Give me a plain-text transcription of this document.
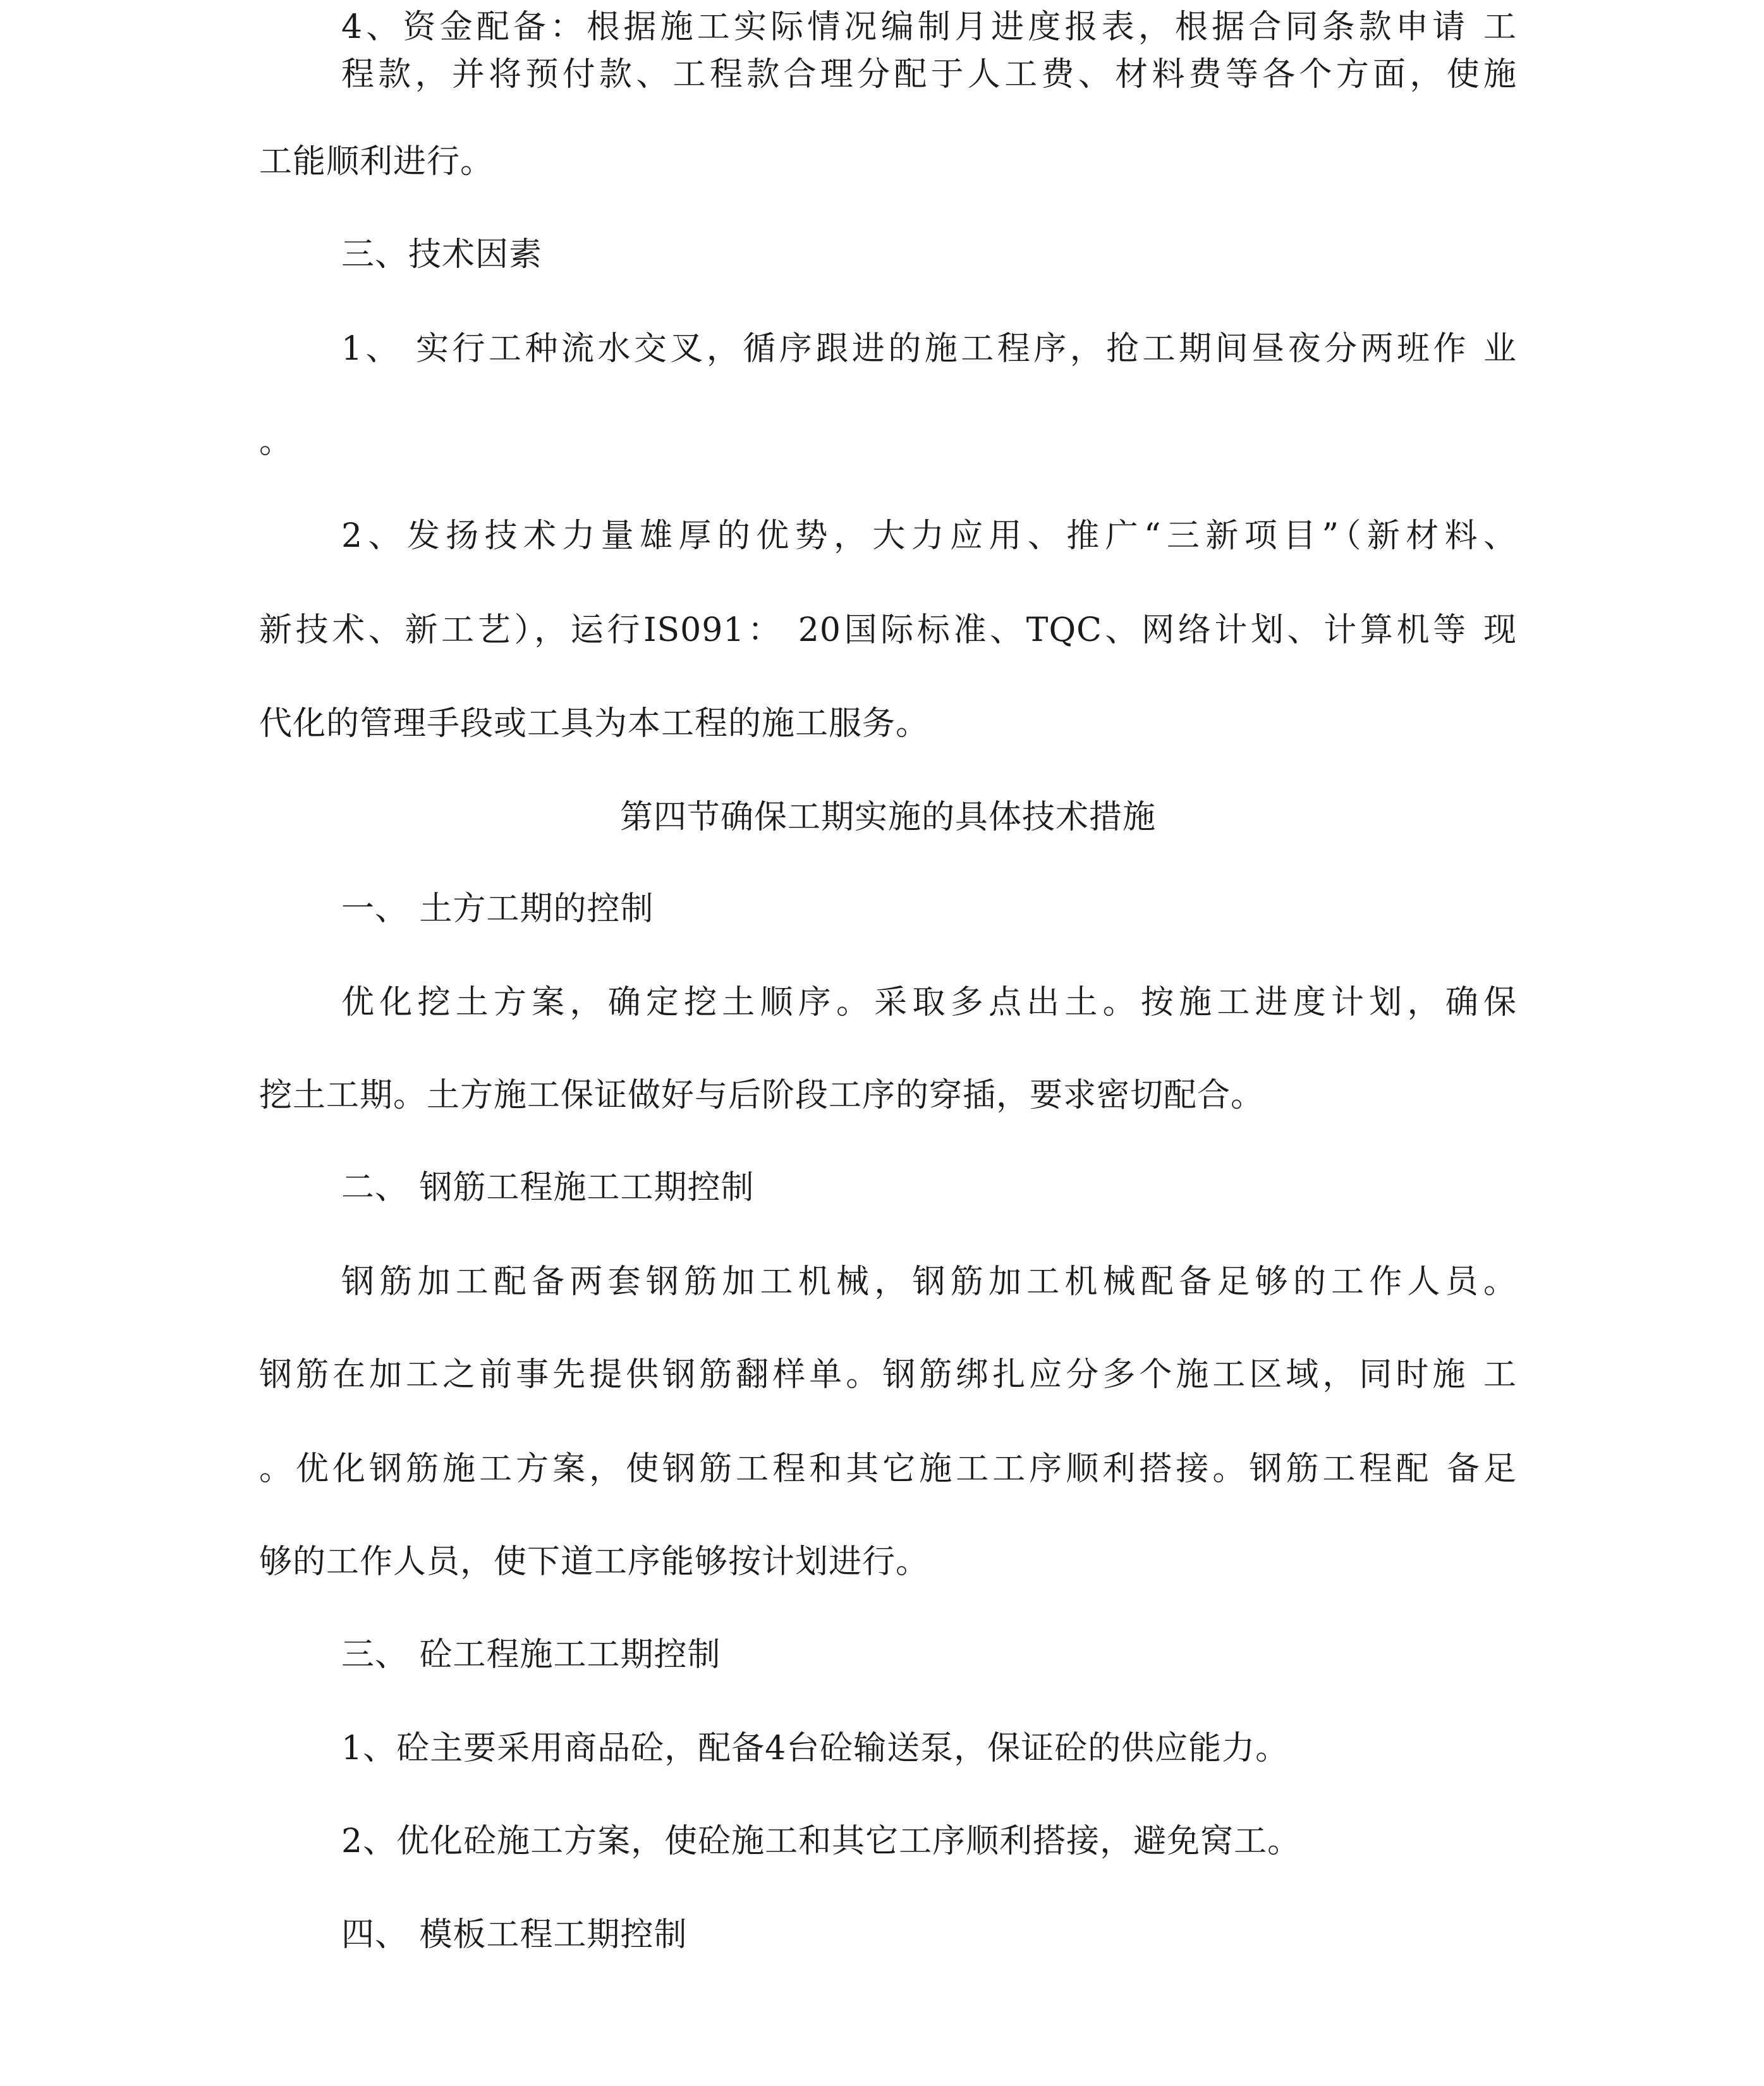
4、资金配备：根据施工实际情况编制月进度报表，根据合同条款申请 工
程款，并将预付款、工程款合理分配于人工费、材料费等各个方面，使施
工能顺利进行。
三、技术因素
1、 实行工种流水交叉，循序跟进的施工程序，抢工期间昼夜分两班作 业
。
2、发扬技术力量雄厚的优势，大力应用、推广“三新项目”（新材料、
新技术、新工艺），运行IS091： 20国际标准、TQC、网络计划、计算机等 现
代化的管理手段或工具为本工程的施工服务。
第四节确保工期实施的具体技术措施
一、 土方工期的控制
优化挖土方案，确定挖土顺序。采取多点出土。按施工进度计划，确保
挖土工期。土方施工保证做好与后阶段工序的穿插，要求密切配合。
二、 钢筋工程施工工期控制
钢筋加工配备两套钢筋加工机械，钢筋加工机械配备足够的工作人员。
钢筋在加工之前事先提供钢筋翻样单。钢筋绑扎应分多个施工区域，同时施 工
。优化钢筋施工方案，使钢筋工程和其它施工工序顺利搭接。钢筋工程配 备足
够的工作人员，使下道工序能够按计划进行。
三、 砼工程施工工期控制
1、砼主要采用商品砼，配备4台砼输送泵，保证砼的供应能力。
2、优化砼施工方案，使砼施工和其它工序顺利搭接，避免窝工。
四、 模板工程工期控制
